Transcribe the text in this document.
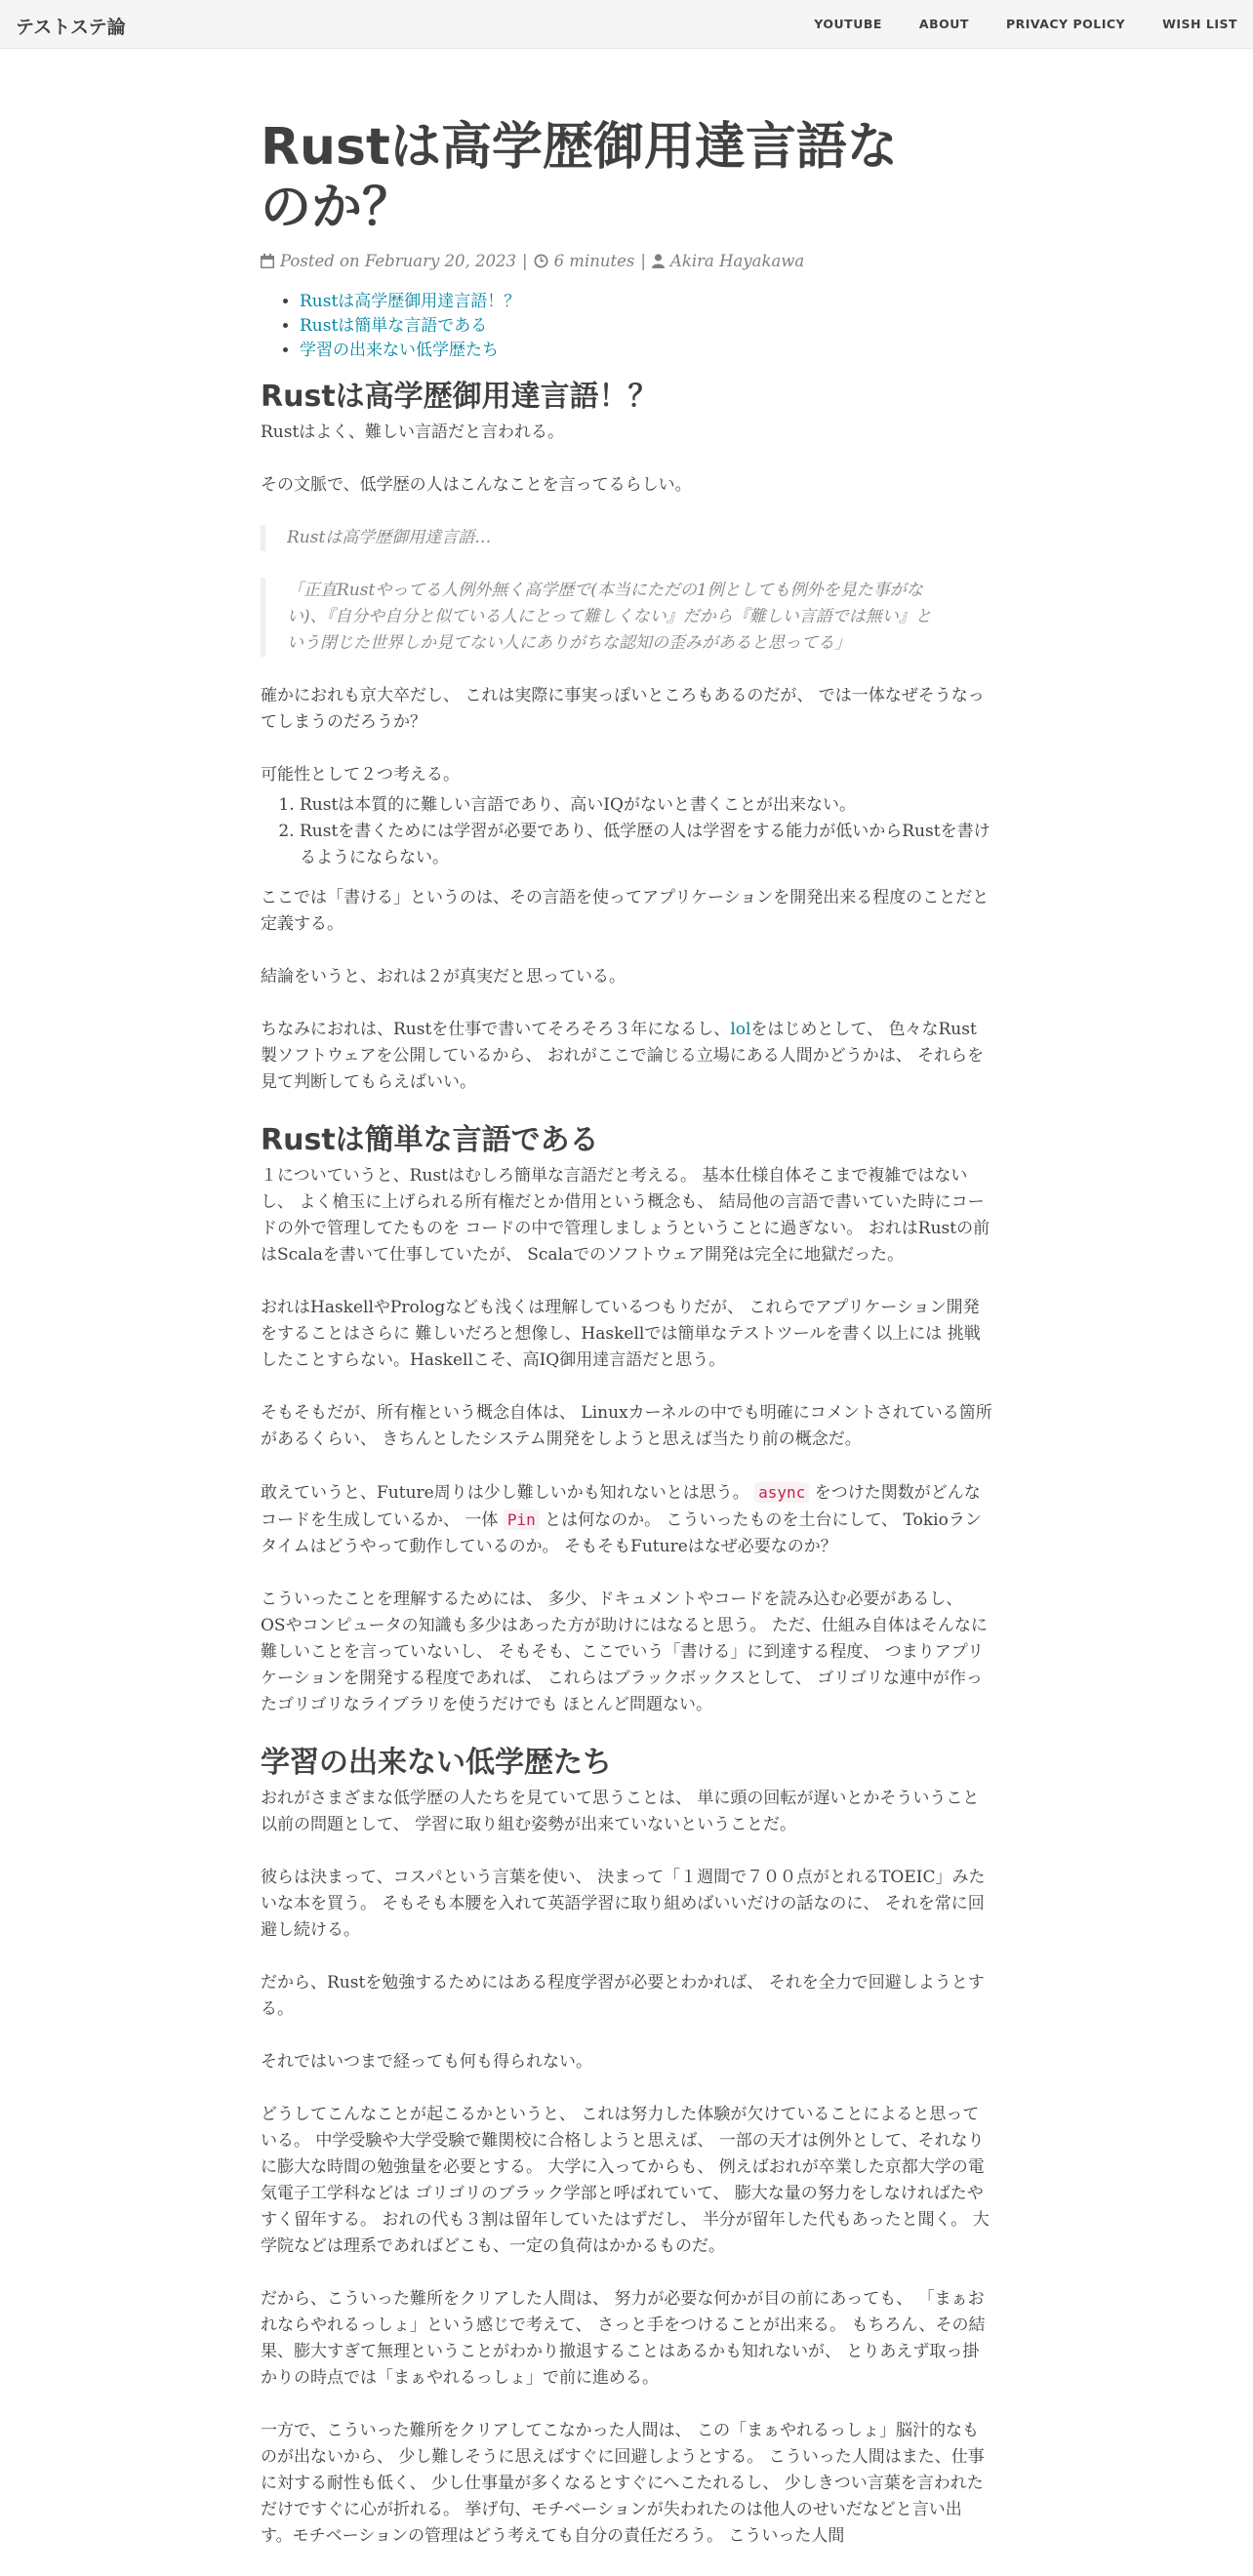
テストステ論	YOUTUBE	ABOUT	PRIVACY POLICY	WISH LIST
Rustは高学歴御用達言語なのか？
Posted on February 20, 2023 | 6 minutes | Akira Hayakawa
• Rustは高学歴御用達言語！？
• Rustは簡単な言語である
• 学習の出来ない低学歴たち
Rustは高学歴御用達言語！？

Rustはよく、難しい言語だと言われる。

その文脈で、低学歴の人はこんなことを言ってるらしい。

Rustは高学歴御用達言語…
「正直Rustやってる人例外無く高学歴で(本当にただの1例としても例外を見た事がない)、『自分や自分と似ている人にとって難しくない』だから『難しい言語では無い』という閉じた世界しか見てない人にありがちな認知の歪みがあると思ってる」

確かにおれも京大卒だし、 これは実際に事実っぽいところもあるのだが、 では一体なぜそうなってしまうのだろうか？

可能性として２つ考える。

1. Rustは本質的に難しい言語であり、高いIQがないと書くことが出来ない。
2. Rustを書くためには学習が必要であり、低学歴の人は学習をする能力が低いからRustを書けるようにならない。

ここでは「書ける」というのは、その言語を使ってアプリケーションを開発出来る程度のことだと定義する。

結論をいうと、おれは２が真実だと思っている。

ちなみにおれは、Rustを仕事で書いてそろそろ３年になるし、lolをはじめとして、 色々なRust製ソフトウェアを公開しているから、 おれがここで論じる立場にある人間かどうかは、 それらを見て判断してもらえばいい。

Rustは簡単な言語である

１についていうと、Rustはむしろ簡単な言語だと考える。 基本仕様自体そこまで複雑ではないし、 よく槍玉に上げられる所有権だとか借用という概念も、 結局他の言語で書いていた時にコードの外で管理してたものを コードの中で管理しましょうということに過ぎない。 おれはRustの前はScalaを書いて仕事していたが、 Scalaでのソフトウェア開発は完全に地獄だった。

おれはHaskellやPrologなども浅くは理解しているつもりだが、 これらでアプリケーション開発をすることはさらに 難しいだろと想像し、Haskellでは簡単なテストツールを書く以上には 挑戦したことすらない。Haskellこそ、高IQ御用達言語だと思う。

そもそもだが、所有権という概念自体は、 Linuxカーネルの中でも明確にコメントされている箇所があるくらい、 きちんとしたシステム開発をしようと思えば当たり前の概念だ。

敢えていうと、Future周りは少し難しいかも知れないとは思う。 async をつけた関数がどんなコードを生成しているか、 一体 Pin とは何なのか。 こういったものを土台にして、 Tokioランタイムはどうやって動作しているのか。 そもそもFutureはなぜ必要なのか？

こういったことを理解するためには、 多少、ドキュメントやコードを読み込む必要があるし、 OSやコンピュータの知識も多少はあった方が助けにはなると思う。 ただ、仕組み自体はそんなに難しいことを言っていないし、 そもそも、ここでいう「書ける」に到達する程度、 つまりアプリケーションを開発する程度であれば、 これらはブラックボックスとして、 ゴリゴリな連中が作ったゴリゴリなライブラリを使うだけでも ほとんど問題ない。

学習の出来ない低学歴たち

おれがさまざまな低学歴の人たちを見ていて思うことは、 単に頭の回転が遅いとかそういうこと以前の問題として、 学習に取り組む姿勢が出来ていないということだ。

彼らは決まって、コスパという言葉を使い、 決まって「１週間で７００点がとれるTOEIC」みたいな本を買う。 そもそも本腰を入れて英語学習に取り組めばいいだけの話なのに、 それを常に回避し続ける。

だから、Rustを勉強するためにはある程度学習が必要とわかれば、 それを全力で回避しようとする。

それではいつまで経っても何も得られない。

どうしてこんなことが起こるかというと、 これは努力した体験が欠けていることによると思っている。 中学受験や大学受験で難関校に合格しようと思えば、 一部の天才は例外として、それなりに膨大な時間の勉強量を必要とする。 大学に入ってからも、 例えばおれが卒業した京都大学の電気電子工学科などは ゴリゴリのブラック学部と呼ばれていて、 膨大な量の努力をしなければたやすく留年する。 おれの代も３割は留年していたはずだし、 半分が留年した代もあったと聞く。 大学院などは理系であればどこも、一定の負荷はかかるものだ。

だから、こういった難所をクリアした人間は、 努力が必要な何かが目の前にあっても、 「まぁおれならやれるっしょ」という感じで考えて、 さっと手をつけることが出来る。 もちろん、その結果、膨大すぎて無理ということがわかり撤退することはあるかも知れないが、 とりあえず取っ掛かりの時点では「まぁやれるっしょ」で前に進める。

一方で、こういった難所をクリアしてこなかった人間は、 この「まぁやれるっしょ」脳汁的なものが出ないから、 少し難しそうに思えばすぐに回避しようとする。 こういった人間はまた、仕事に対する耐性も低く、 少し仕事量が多くなるとすぐにへこたれるし、 少しきつい言葉を言われただけですぐに心が折れる。 挙げ句、モチベーションが失われたのは他人のせいだなどと言い出す。モチベーションの管理はどう考えても自分の責任だろう。 こういった人間
